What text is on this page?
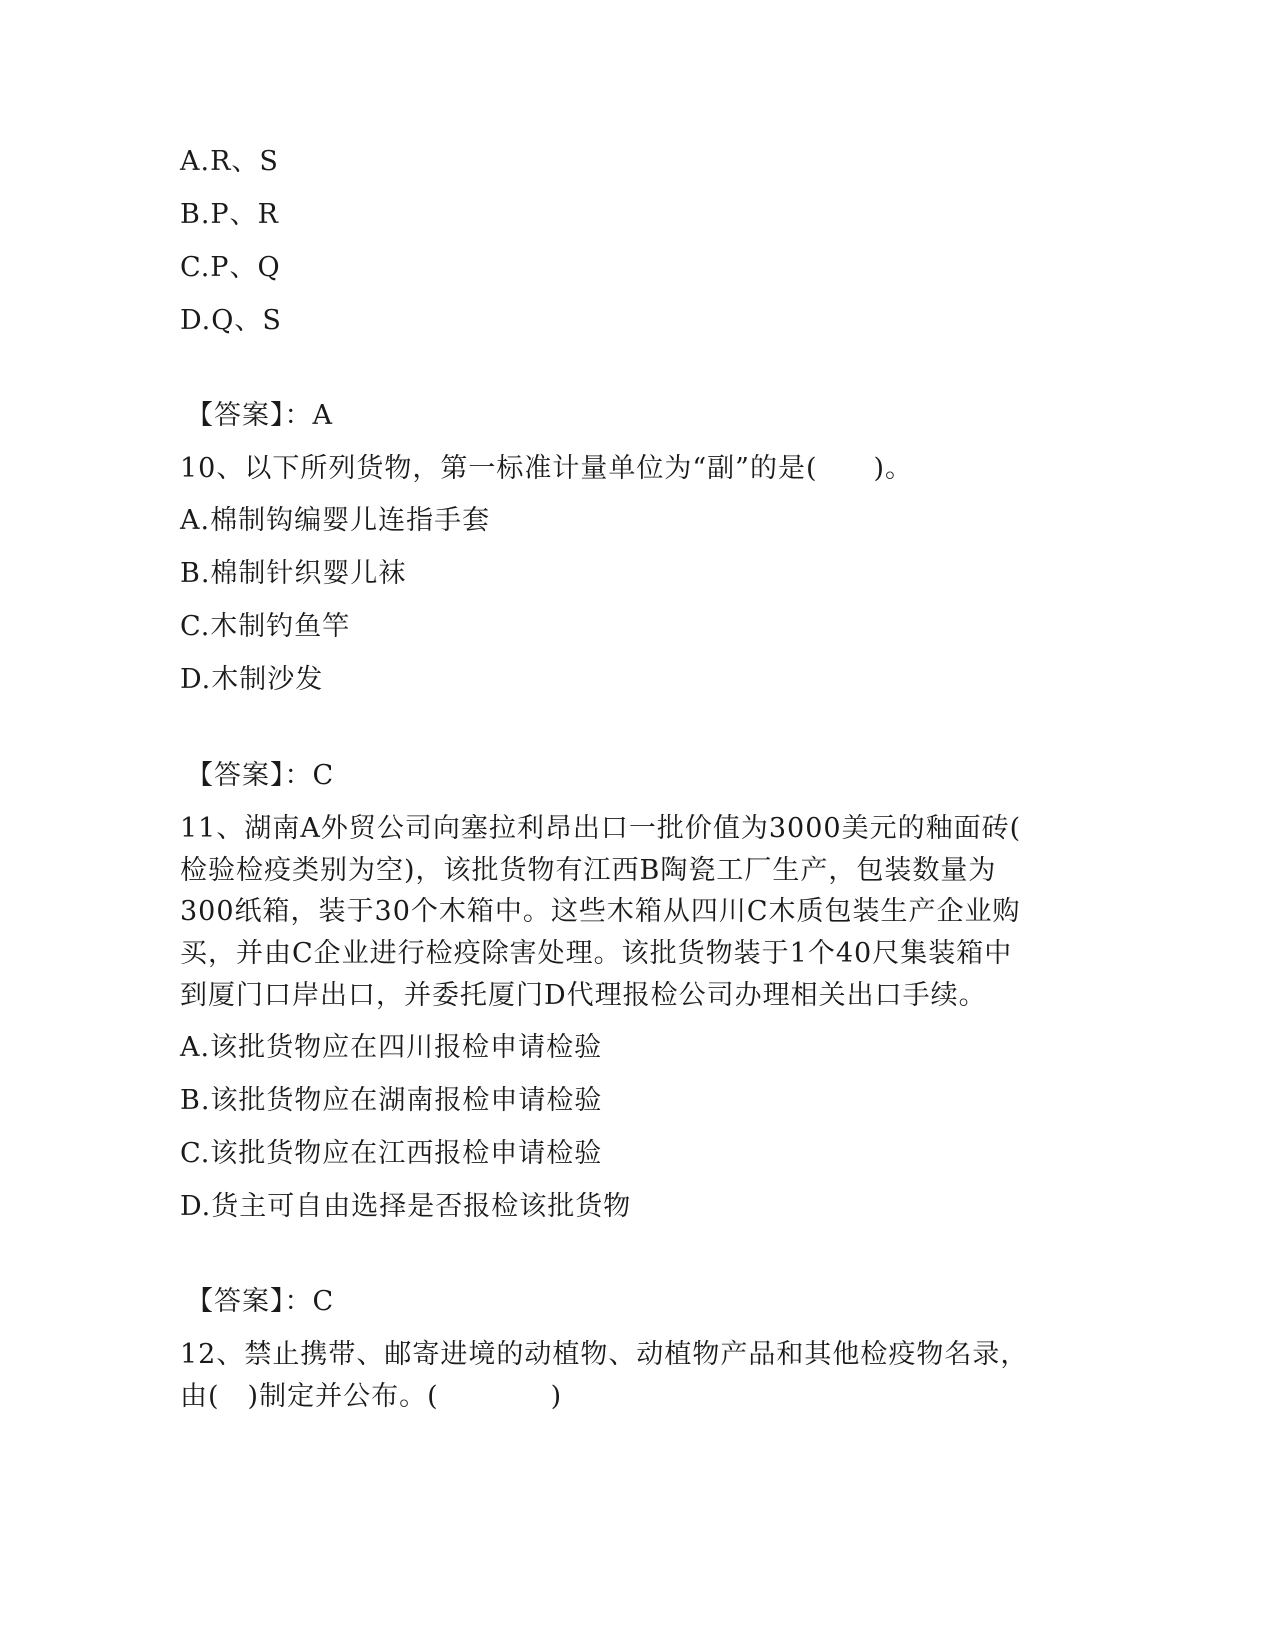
A.R、S
B.P、R
C.P、Q
D.Q、S
【答案】：A
10、以下所列货物，第一标准计量单位为“副”的是(　　)。
A.棉制钩编婴儿连指手套
B.棉制针织婴儿袜
C.木制钓鱼竿
D.木制沙发
【答案】：C
11、湖南A外贸公司向塞拉利昂出口一批价值为3000美元的釉面砖(
检验检疫类别为空)，该批货物有江西B陶瓷工厂生产，包装数量为
300纸箱，装于30个木箱中。这些木箱从四川C木质包装生产企业购
买，并由C企业进行检疫除害处理。该批货物装于1个40尺集装箱中
到厦门口岸出口，并委托厦门D代理报检公司办理相关出口手续。
A.该批货物应在四川报检申请检验
B.该批货物应在湖南报检申请检验
C.该批货物应在江西报检申请检验
D.货主可自由选择是否报检该批货物
【答案】：C
12、禁止携带、邮寄进境的动植物、动植物产品和其他检疫物名录，
由(　)制定并公布。(　　　　)
